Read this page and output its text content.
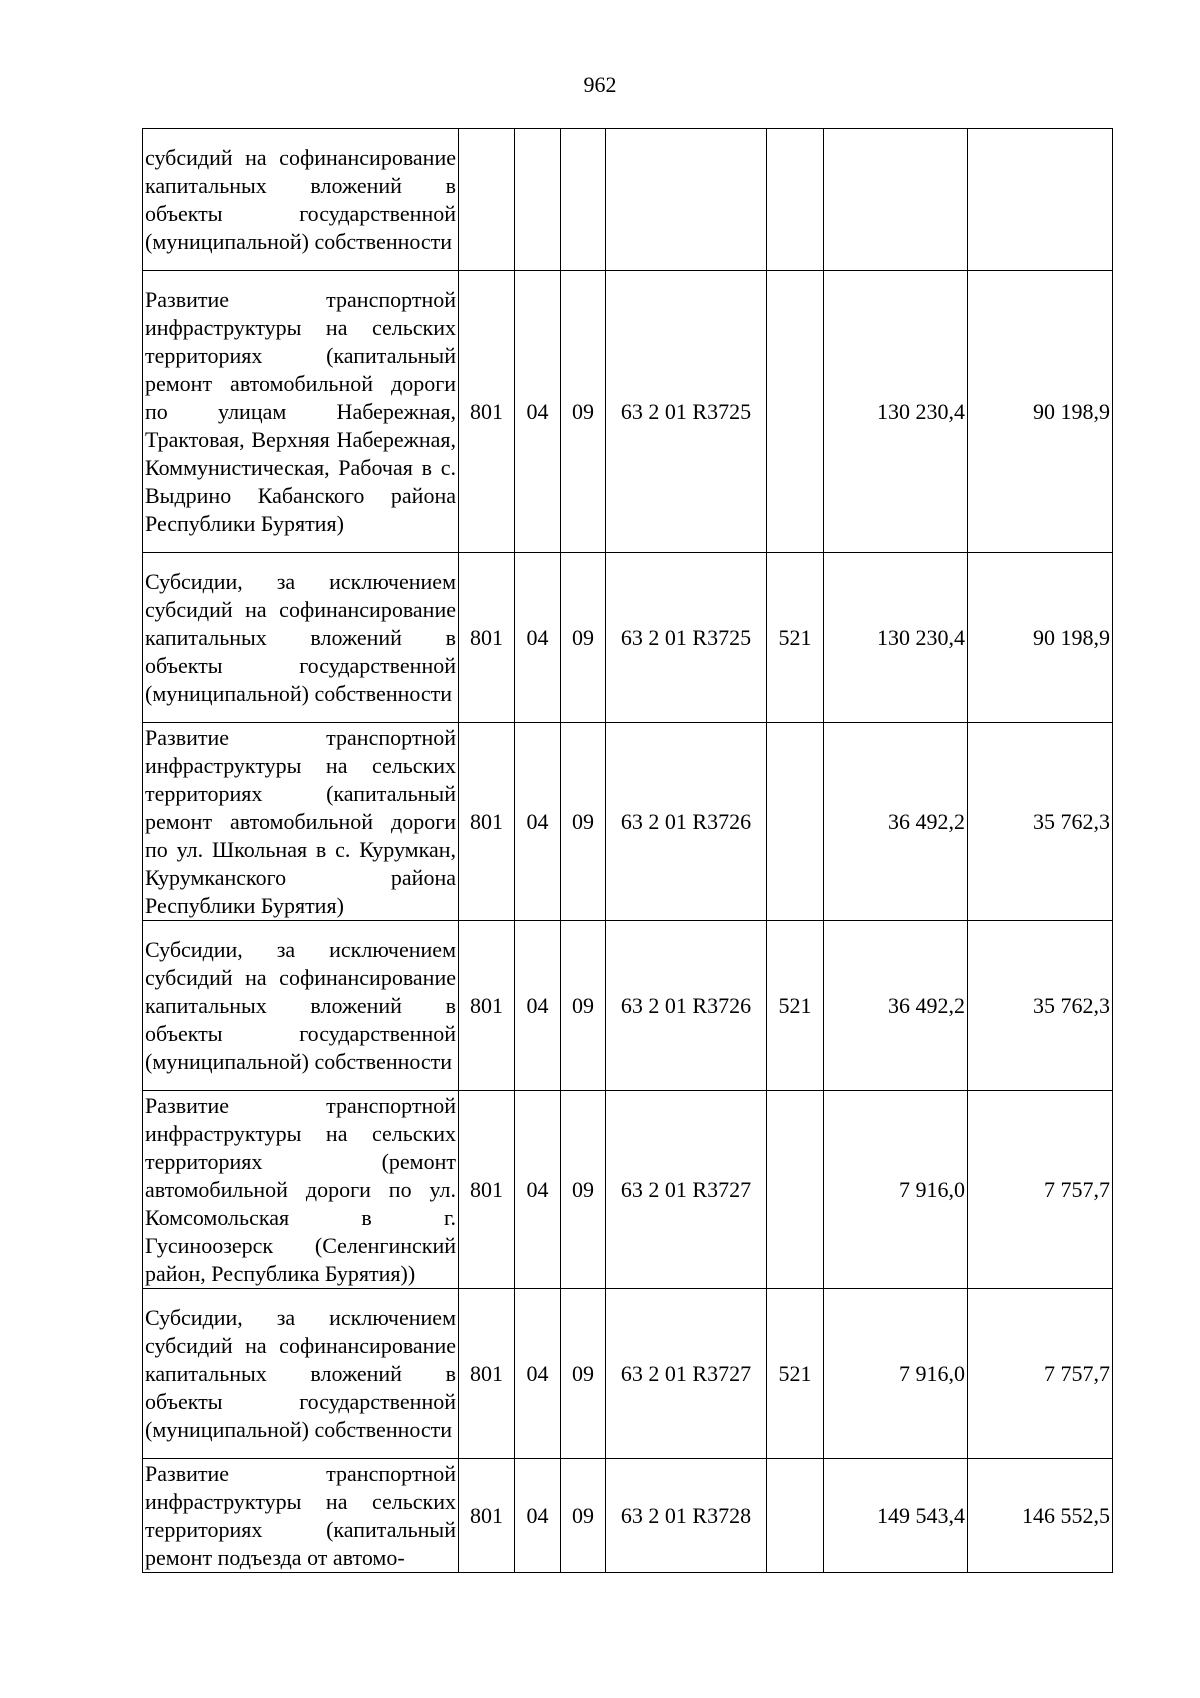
962
субсидий на софинансирование капитальных вложений в объекты государственной (муниципальной) собственности							
Развитие транспортной инфраструктуры на сельских территориях (капитальный ремонт автомобильной дороги по улицам Набережная, Трактовая, Верхняя Набережная, Коммунистическая, Рабочая в с. Выдрино Кабанского района Республики Бурятия)	801	04	09	63 2 01 R3725		130 230,4	90 198,9
Субсидии, за исключением субсидий на софинансирование капитальных вложений в объекты государственной (муниципальной) собственности	801	04	09	63 2 01 R3725	521	130 230,4	90 198,9
Развитие транспортной инфраструктуры на сельских территориях (капитальный ремонт автомобильной дороги по ул. Школьная в с. Курумкан, Курумканского района Республики Бурятия)	801	04	09	63 2 01 R3726		36 492,2	35 762,3
Субсидии, за исключением субсидий на софинансирование капитальных вложений в объекты государственной (муниципальной) собственности	801	04	09	63 2 01 R3726	521	36 492,2	35 762,3
Развитие транспортной инфраструктуры на сельских территориях (ремонт автомобильной дороги по ул. Комсомольская в г. Гусиноозерск (Селенгинский район, Республика Бурятия))	801	04	09	63 2 01 R3727		7 916,0	7 757,7
Субсидии, за исключением субсидий на софинансирование капитальных вложений в объекты государственной (муниципальной) собственности	801	04	09	63 2 01 R3727	521	7 916,0	7 757,7
Развитие транспортной инфраструктуры на сельских территориях (капитальный ремонт подъезда от автомо-	801	04	09	63 2 01 R3728		149 543,4	146 552,5
